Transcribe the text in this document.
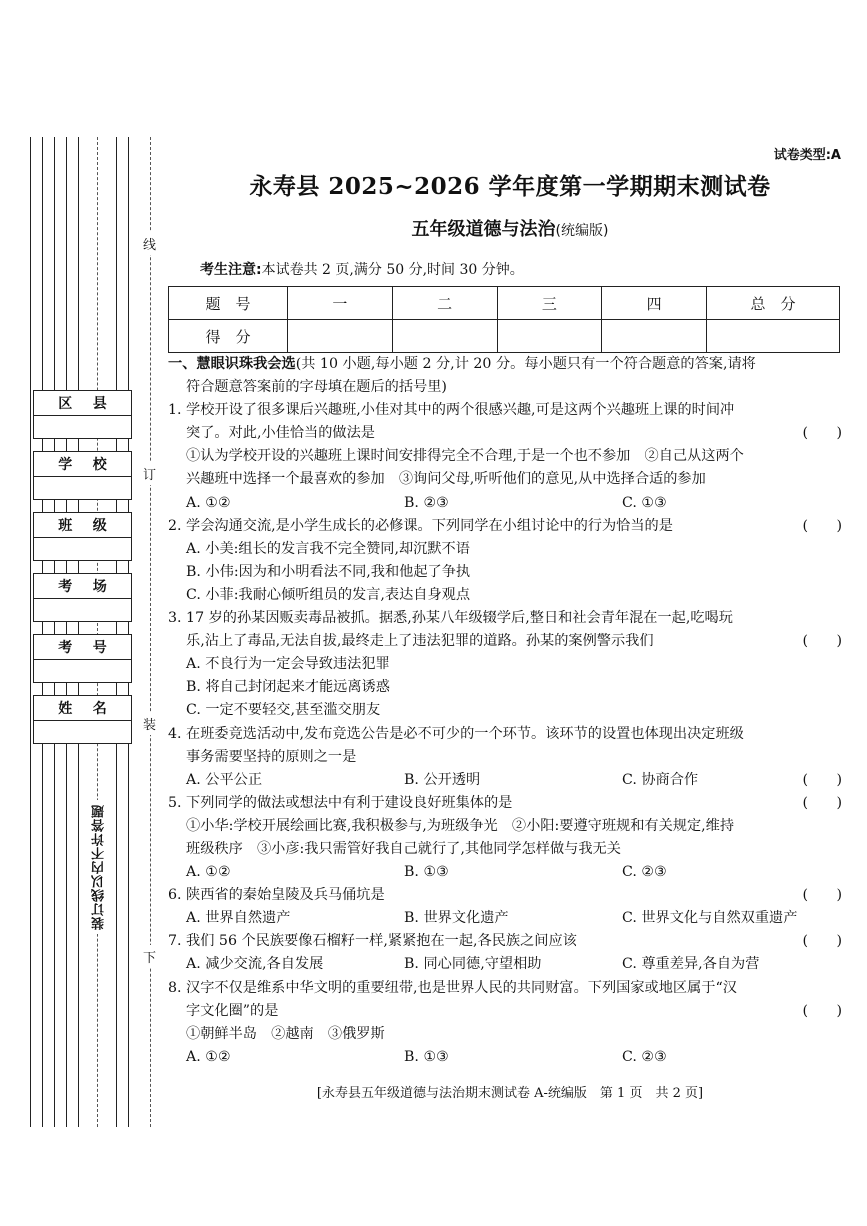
线
订
装
下
装订线以内不许答题
区 县
学 校
班 级
考 场
考 号
姓 名
试卷类型:A
永寿县 2025~2026 学年度第一学期期末测试卷
五年级道德与法治(统编版)
考生注意:本试卷共 2 页,满分 50 分,时间 30 分钟。
题　号	一	二	三	四	总　分
得　分					

一、慧眼识珠我会选(共 10 小题,每小题 2 分,计 20 分。每小题只有一个符合题意的答案,请将

符合题意答案前的字母填在题后的括号里)

1. 学校开设了很多课后兴趣班,小佳对其中的两个很感兴趣,可是这两个兴趣班上课的时间冲

突了。对此,小佳恰当的做法是	(　　)

①认为学校开设的兴趣班上课时间安排得完全不合理,于是一个也不参加　②自己从这两个

兴趣班中选择一个最喜欢的参加　③询问父母,听听他们的意见,从中选择合适的参加

A. ①②	B. ②③	C. ①③

2. 学会沟通交流,是小学生成长的必修课。下列同学在小组讨论中的行为恰当的是	(　　)

A. 小美:组长的发言我不完全赞同,却沉默不语

B. 小伟:因为和小明看法不同,我和他起了争执

C. 小菲:我耐心倾听组员的发言,表达自身观点

3. 17 岁的孙某因贩卖毒品被抓。据悉,孙某八年级辍学后,整日和社会青年混在一起,吃喝玩

乐,沾上了毒品,无法自拔,最终走上了违法犯罪的道路。孙某的案例警示我们	(　　)

A. 不良行为一定会导致违法犯罪

B. 将自己封闭起来才能远离诱惑

C. 一定不要轻交,甚至滥交朋友

4. 在班委竞选活动中,发布竞选公告是必不可少的一个环节。该环节的设置也体现出决定班级

事务需要坚持的原则之一是

A. 公平公正	B. 公开透明	C. 协商合作	(　　)

5. 下列同学的做法或想法中有利于建设良好班集体的是	(　　)

①小华:学校开展绘画比赛,我积极参与,为班级争光　②小阳:要遵守班规和有关规定,维持

班级秩序　③小彦:我只需管好我自己就行了,其他同学怎样做与我无关

A. ①②	B. ①③	C. ②③

6. 陕西省的秦始皇陵及兵马俑坑是	(　　)

A. 世界自然遗产	B. 世界文化遗产	C. 世界文化与自然双重遗产

7. 我们 56 个民族要像石榴籽一样,紧紧抱在一起,各民族之间应该	(　　)

A. 减少交流,各自发展	B. 同心同德,守望相助	C. 尊重差异,各自为营

8. 汉字不仅是维系中华文明的重要纽带,也是世界人民的共同财富。下列国家或地区属于“汉

字文化圈”的是	(　　)

①朝鲜半岛　②越南　③俄罗斯

A. ①②	B. ①③	C. ②③

[永寿县五年级道德与法治期末测试卷 A-统编版　第 1 页　共 2 页]
